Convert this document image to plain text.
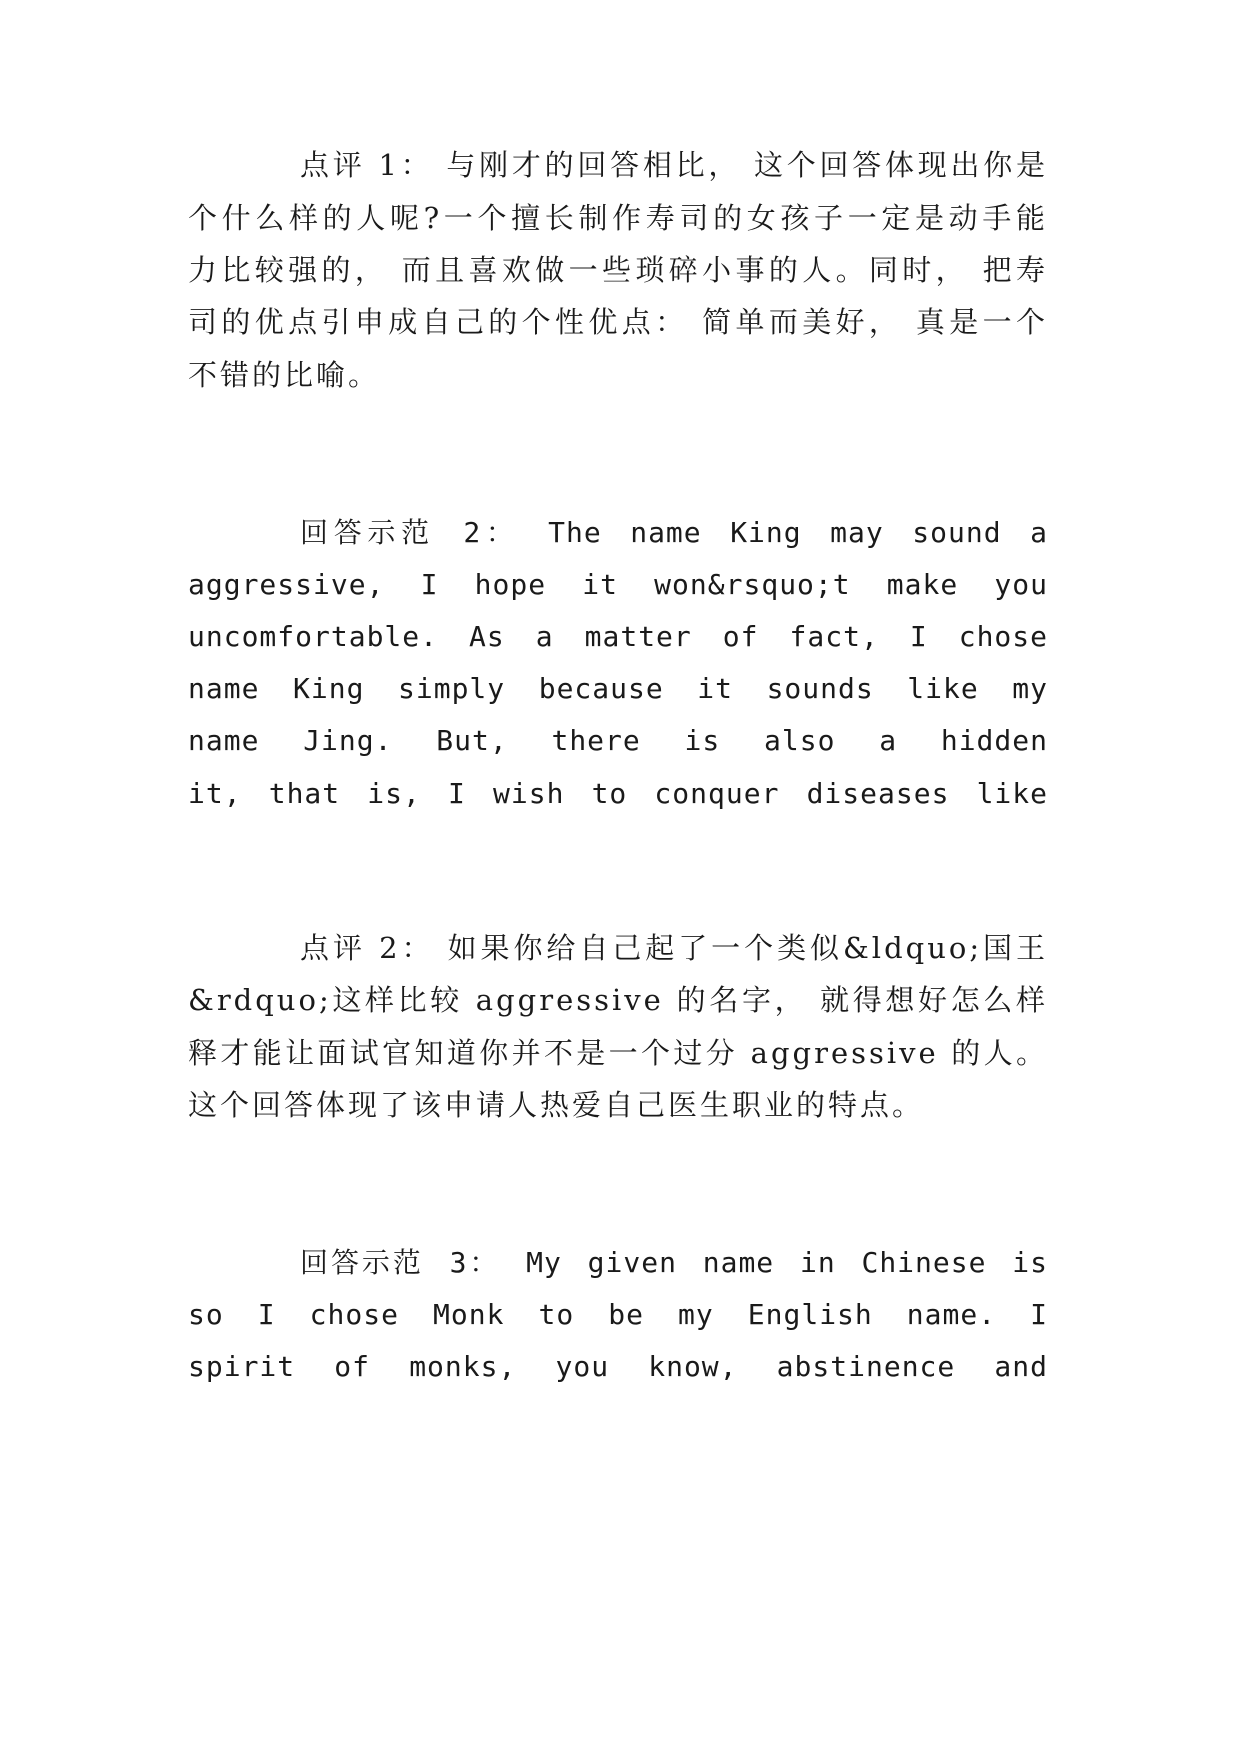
点评 1： 与刚才的回答相比， 这个回答体现出你是
个什么样的人呢?一个擅长制作寿司的女孩子一定是动手能
力比较强的， 而且喜欢做一些琐碎小事的人。同时， 把寿
司的优点引申成自己的个性优点： 简单而美好， 真是一个
不错的比喻。
回答示范 2： The name King may sound a
aggressive, I hope it won&rsquo;t make you
uncomfortable. As a matter of fact, I chose
name King simply because it sounds like my
name Jing. But, there is also a hidden
it, that is, I wish to conquer diseases like
点评 2： 如果你给自己起了一个类似&ldquo;国王
&rdquo;这样比较 aggressive 的名字， 就得想好怎么样
释才能让面试官知道你并不是一个过分 aggressive 的人。
这个回答体现了该申请人热爱自己医生职业的特点。
回答示范 3： My given name in Chinese is
so I chose Monk to be my English name. I
spirit of monks, you know, abstinence and
